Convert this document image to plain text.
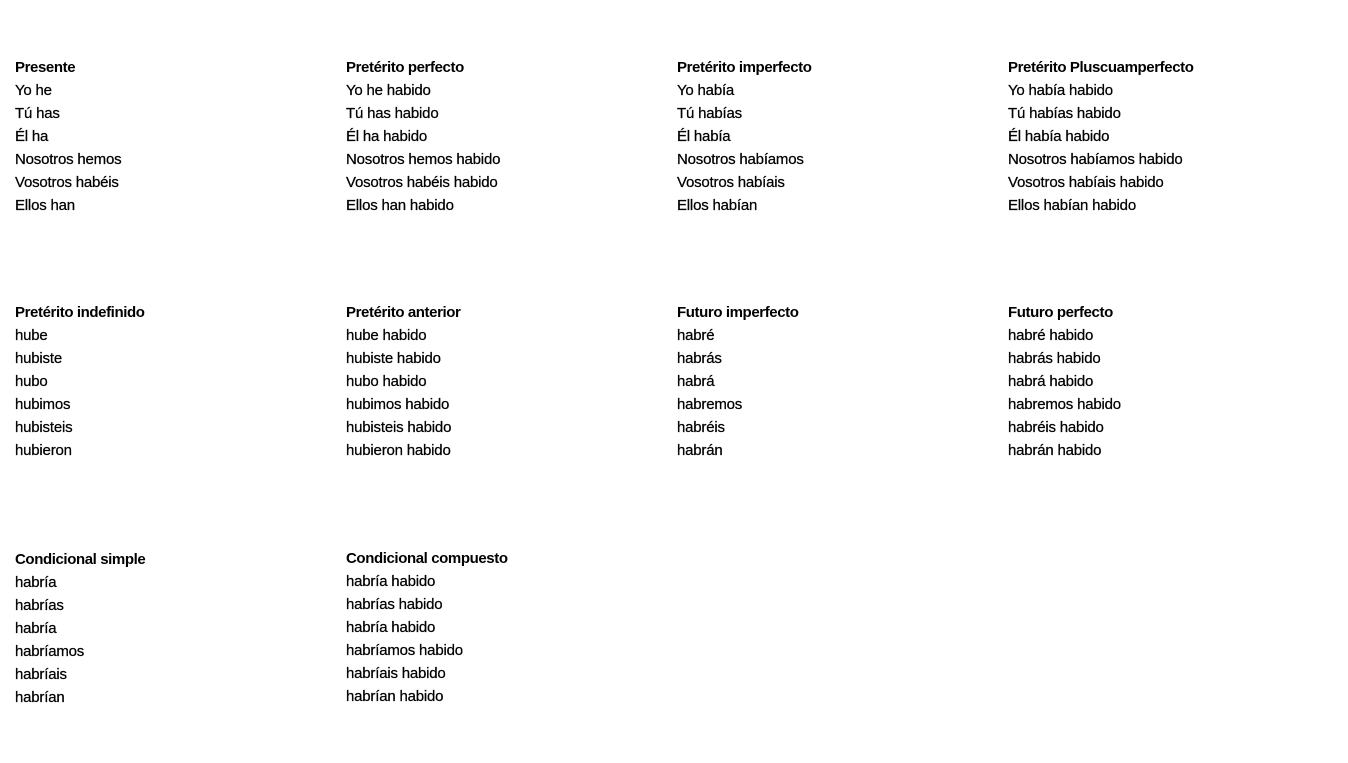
Presente
Yo he
Tú has
Él ha
Nosotros hemos
Vosotros habéis
Ellos han
Pretérito perfecto
Yo he habido
Tú has habido
Él ha habido
Nosotros hemos habido
Vosotros habéis habido
Ellos han habido
Pretérito imperfecto
Yo había
Tú habías
Él había
Nosotros habíamos
Vosotros habíais
Ellos habían
Pretérito Pluscuamperfecto
Yo había habido
Tú habías habido
Él había habido
Nosotros habíamos habido
Vosotros habíais habido
Ellos habían habido
Pretérito indefinido
hube
hubiste
hubo
hubimos
hubisteis
hubieron
Pretérito anterior
hube habido
hubiste habido
hubo habido
hubimos habido
hubisteis habido
hubieron habido
Futuro imperfecto
habré
habrás
habrá
habremos
habréis
habrán
Futuro perfecto
habré habido
habrás habido
habrá habido
habremos habido
habréis habido
habrán habido
Condicional simple
habría
habrías
habría
habríamos
habríais
habrían
Condicional compuesto
habría habido
habrías habido
habría habido
habríamos habido
habríais habido
habrían habido
